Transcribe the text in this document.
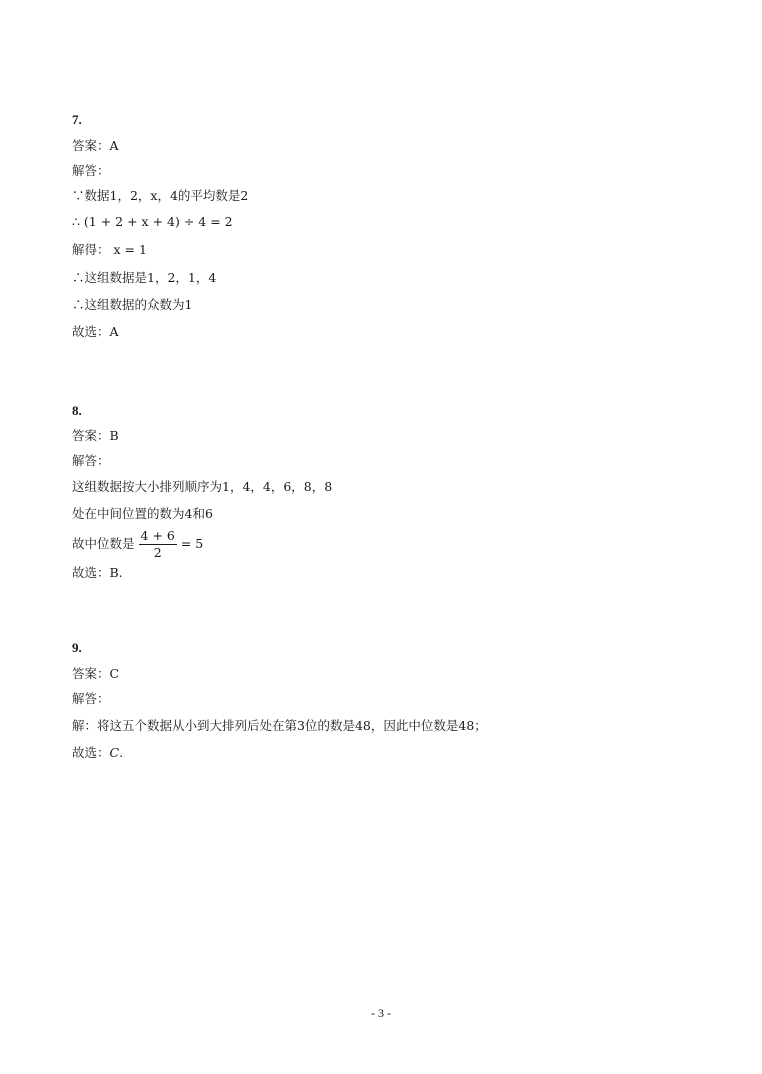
7.
答案：A
解答：
∵数据1，2，x，4的平均数是2
∴ (1 + 2 + x + 4) ÷ 4 = 2
解得： x = 1
∴这组数据是1，2，1，4
∴这组数据的众数为1
故选：A
8.
答案：B
解答：
这组数据按大小排列顺序为1，4，4，6，8，8
处在中间位置的数为4和6
故中位数是 $\frac{4 + 6}{2} = 5$
故选：B.
9.
答案：C
解答：
解：将这五个数据从小到大排列后处在第3位的数是48，因此中位数是48；
故选：C.
- 3 -
